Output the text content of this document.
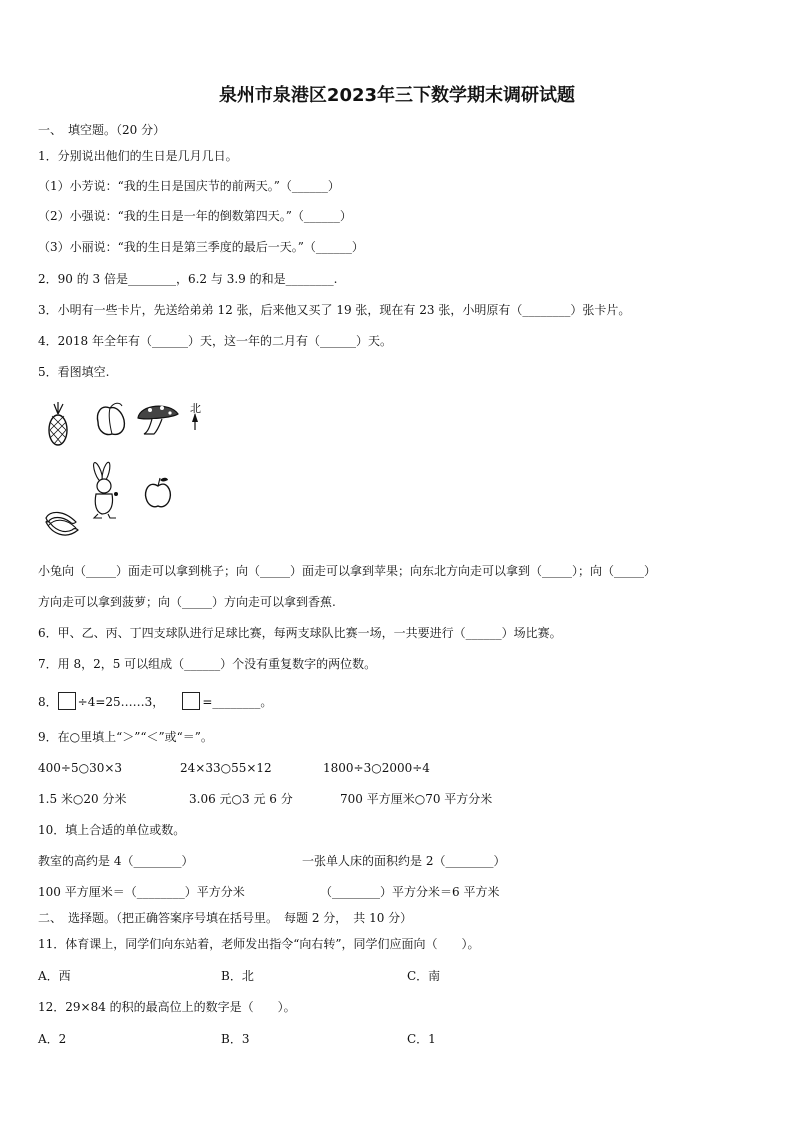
泉州市泉港区2023年三下数学期末调研试题
一、　填空题。（20 分）
1．分别说出他们的生日是几月几日。
（1）小芳说：“我的生日是国庆节的前两天。”（______）
（2）小强说：“我的生日是一年的倒数第四天。”（______）
（3）小丽说：“我的生日是第三季度的最后一天。”（______）
2．90 的 3 倍是________，6.2 与 3.9 的和是________.
3．小明有一些卡片，先送给弟弟 12 张，后来他又买了 19 张，现在有 23 张，小明原有（________）张卡片。
4．2018 年全年有（______）天，这一年的二月有（______）天。
5．看图填空.
北
小兔向（_____）面走可以拿到桃子；向（_____）面走可以拿到苹果；向东北方向走可以拿到（_____）；向（_____）
方向走可以拿到菠萝；向（_____）方向走可以拿到香蕉.
6．甲、乙、丙、丁四支球队进行足球比赛，每两支球队比赛一场，一共要进行（______）场比赛。
7．用 8，2，5 可以组成（______）个没有重复数字的两位数。
8． ÷4=25……3，　　	=________。
9．在○里填上“＞”“＜”或“＝”。
400÷5○30×3	24×33○55×12	1800÷3○2000÷4
1.5 米○20 分米	3.06 元○3 元 6 分	700 平方厘米○70 平方分米
10．填上合适的单位或数。
教室的高约是 4（________）	一张单人床的面积约是 2（________）
100 平方厘米＝（________）平方分米	（________）平方分米＝6 平方米
二、　选择题。（把正确答案序号填在括号里。　每题 2 分，　共 10 分）
11．体育课上，同学们向东站着，老师发出指令“向右转”，同学们应面向（　　）。
A．西	B．北	C．南
12．29×84 的积的最高位上的数字是（　　）。
A．2	B．3	C．1
